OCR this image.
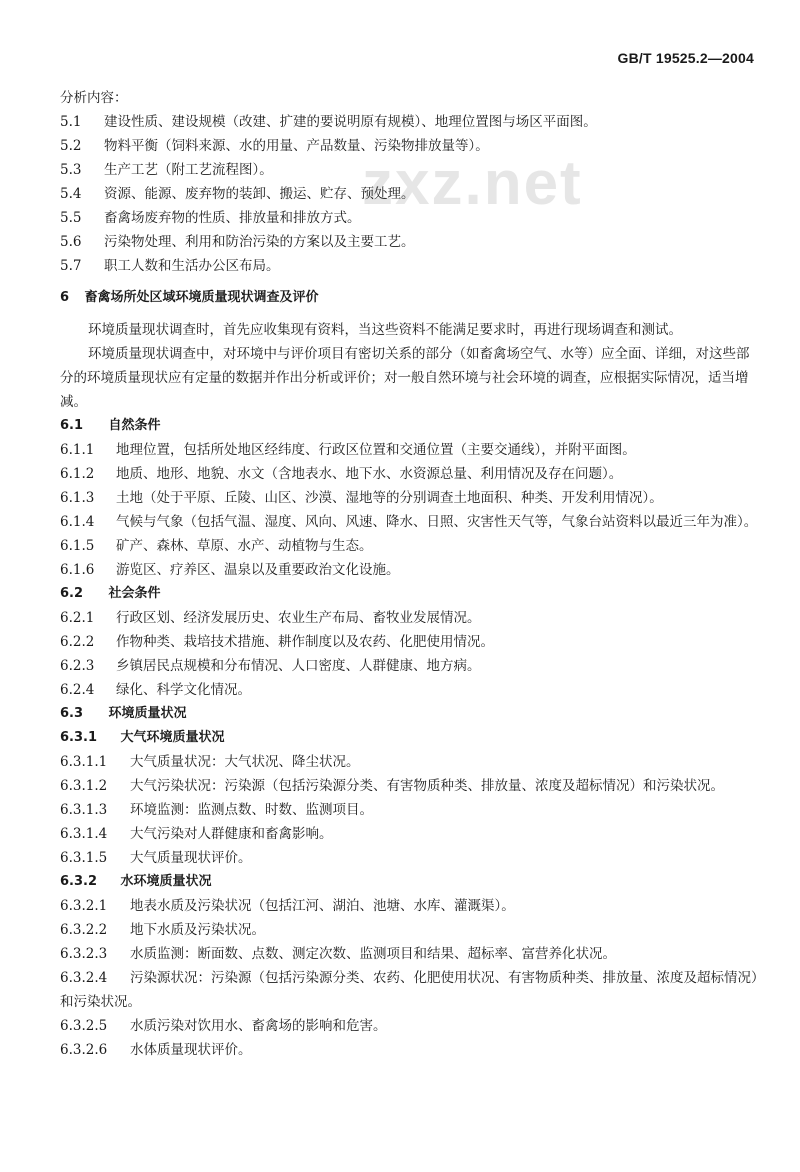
GB/T 19525.2—2004
zxz.net
分析内容：
5.1 建设性质、建设规模（改建、扩建的要说明原有规模）、地理位置图与场区平面图。
5.2 物料平衡（饲料来源、水的用量、产品数量、污染物排放量等）。
5.3 生产工艺（附工艺流程图）。
5.4 资源、能源、废弃物的装卸、搬运、贮存、预处理。
5.5 畜禽场废弃物的性质、排放量和排放方式。
5.6 污染物处理、利用和防治污染的方案以及主要工艺。
5.7 职工人数和生活办公区布局。
6 畜禽场所处区域环境质量现状调查及评价
环境质量现状调查时，首先应收集现有资料，当这些资料不能满足要求时，再进行现场调查和测试。
环境质量现状调查中，对环境中与评价项目有密切关系的部分（如畜禽场空气、水等）应全面、详细，对这些部分的环境质量现状应有定量的数据并作出分析或评价；对一般自然环境与社会环境的调查，应根据实际情况，适当增减。
6.1 自然条件
6.1.1 地理位置，包括所处地区经纬度、行政区位置和交通位置（主要交通线），并附平面图。
6.1.2 地质、地形、地貌、水文（含地表水、地下水、水资源总量、利用情况及存在问题）。
6.1.3 土地（处于平原、丘陵、山区、沙漠、湿地等的分别调查土地面积、种类、开发利用情况）。
6.1.4 气候与气象（包括气温、湿度、风向、风速、降水、日照、灾害性天气等，气象台站资料以最近三年为准）。
6.1.5 矿产、森林、草原、水产、动植物与生态。
6.1.6 游览区、疗养区、温泉以及重要政治文化设施。
6.2 社会条件
6.2.1 行政区划、经济发展历史、农业生产布局、畜牧业发展情况。
6.2.2 作物种类、栽培技术措施、耕作制度以及农药、化肥使用情况。
6.2.3 乡镇居民点规模和分布情况、人口密度、人群健康、地方病。
6.2.4 绿化、科学文化情况。
6.3 环境质量状况
6.3.1 大气环境质量状况
6.3.1.1 大气质量状况：大气状况、降尘状况。
6.3.1.2 大气污染状况：污染源（包括污染源分类、有害物质种类、排放量、浓度及超标情况）和污染状况。
6.3.1.3 环境监测：监测点数、时数、监测项目。
6.3.1.4 大气污染对人群健康和畜禽影响。
6.3.1.5 大气质量现状评价。
6.3.2 水环境质量状况
6.3.2.1 地表水质及污染状况（包括江河、湖泊、池塘、水库、灌溉渠）。
6.3.2.2 地下水质及污染状况。
6.3.2.3 水质监测：断面数、点数、测定次数、监测项目和结果、超标率、富营养化状况。
6.3.2.4 污染源状况：污染源（包括污染源分类、农药、化肥使用状况、有害物质种类、排放量、浓度及超标情况）和污染状况。
6.3.2.5 水质污染对饮用水、畜禽场的影响和危害。
6.3.2.6 水体质量现状评价。
